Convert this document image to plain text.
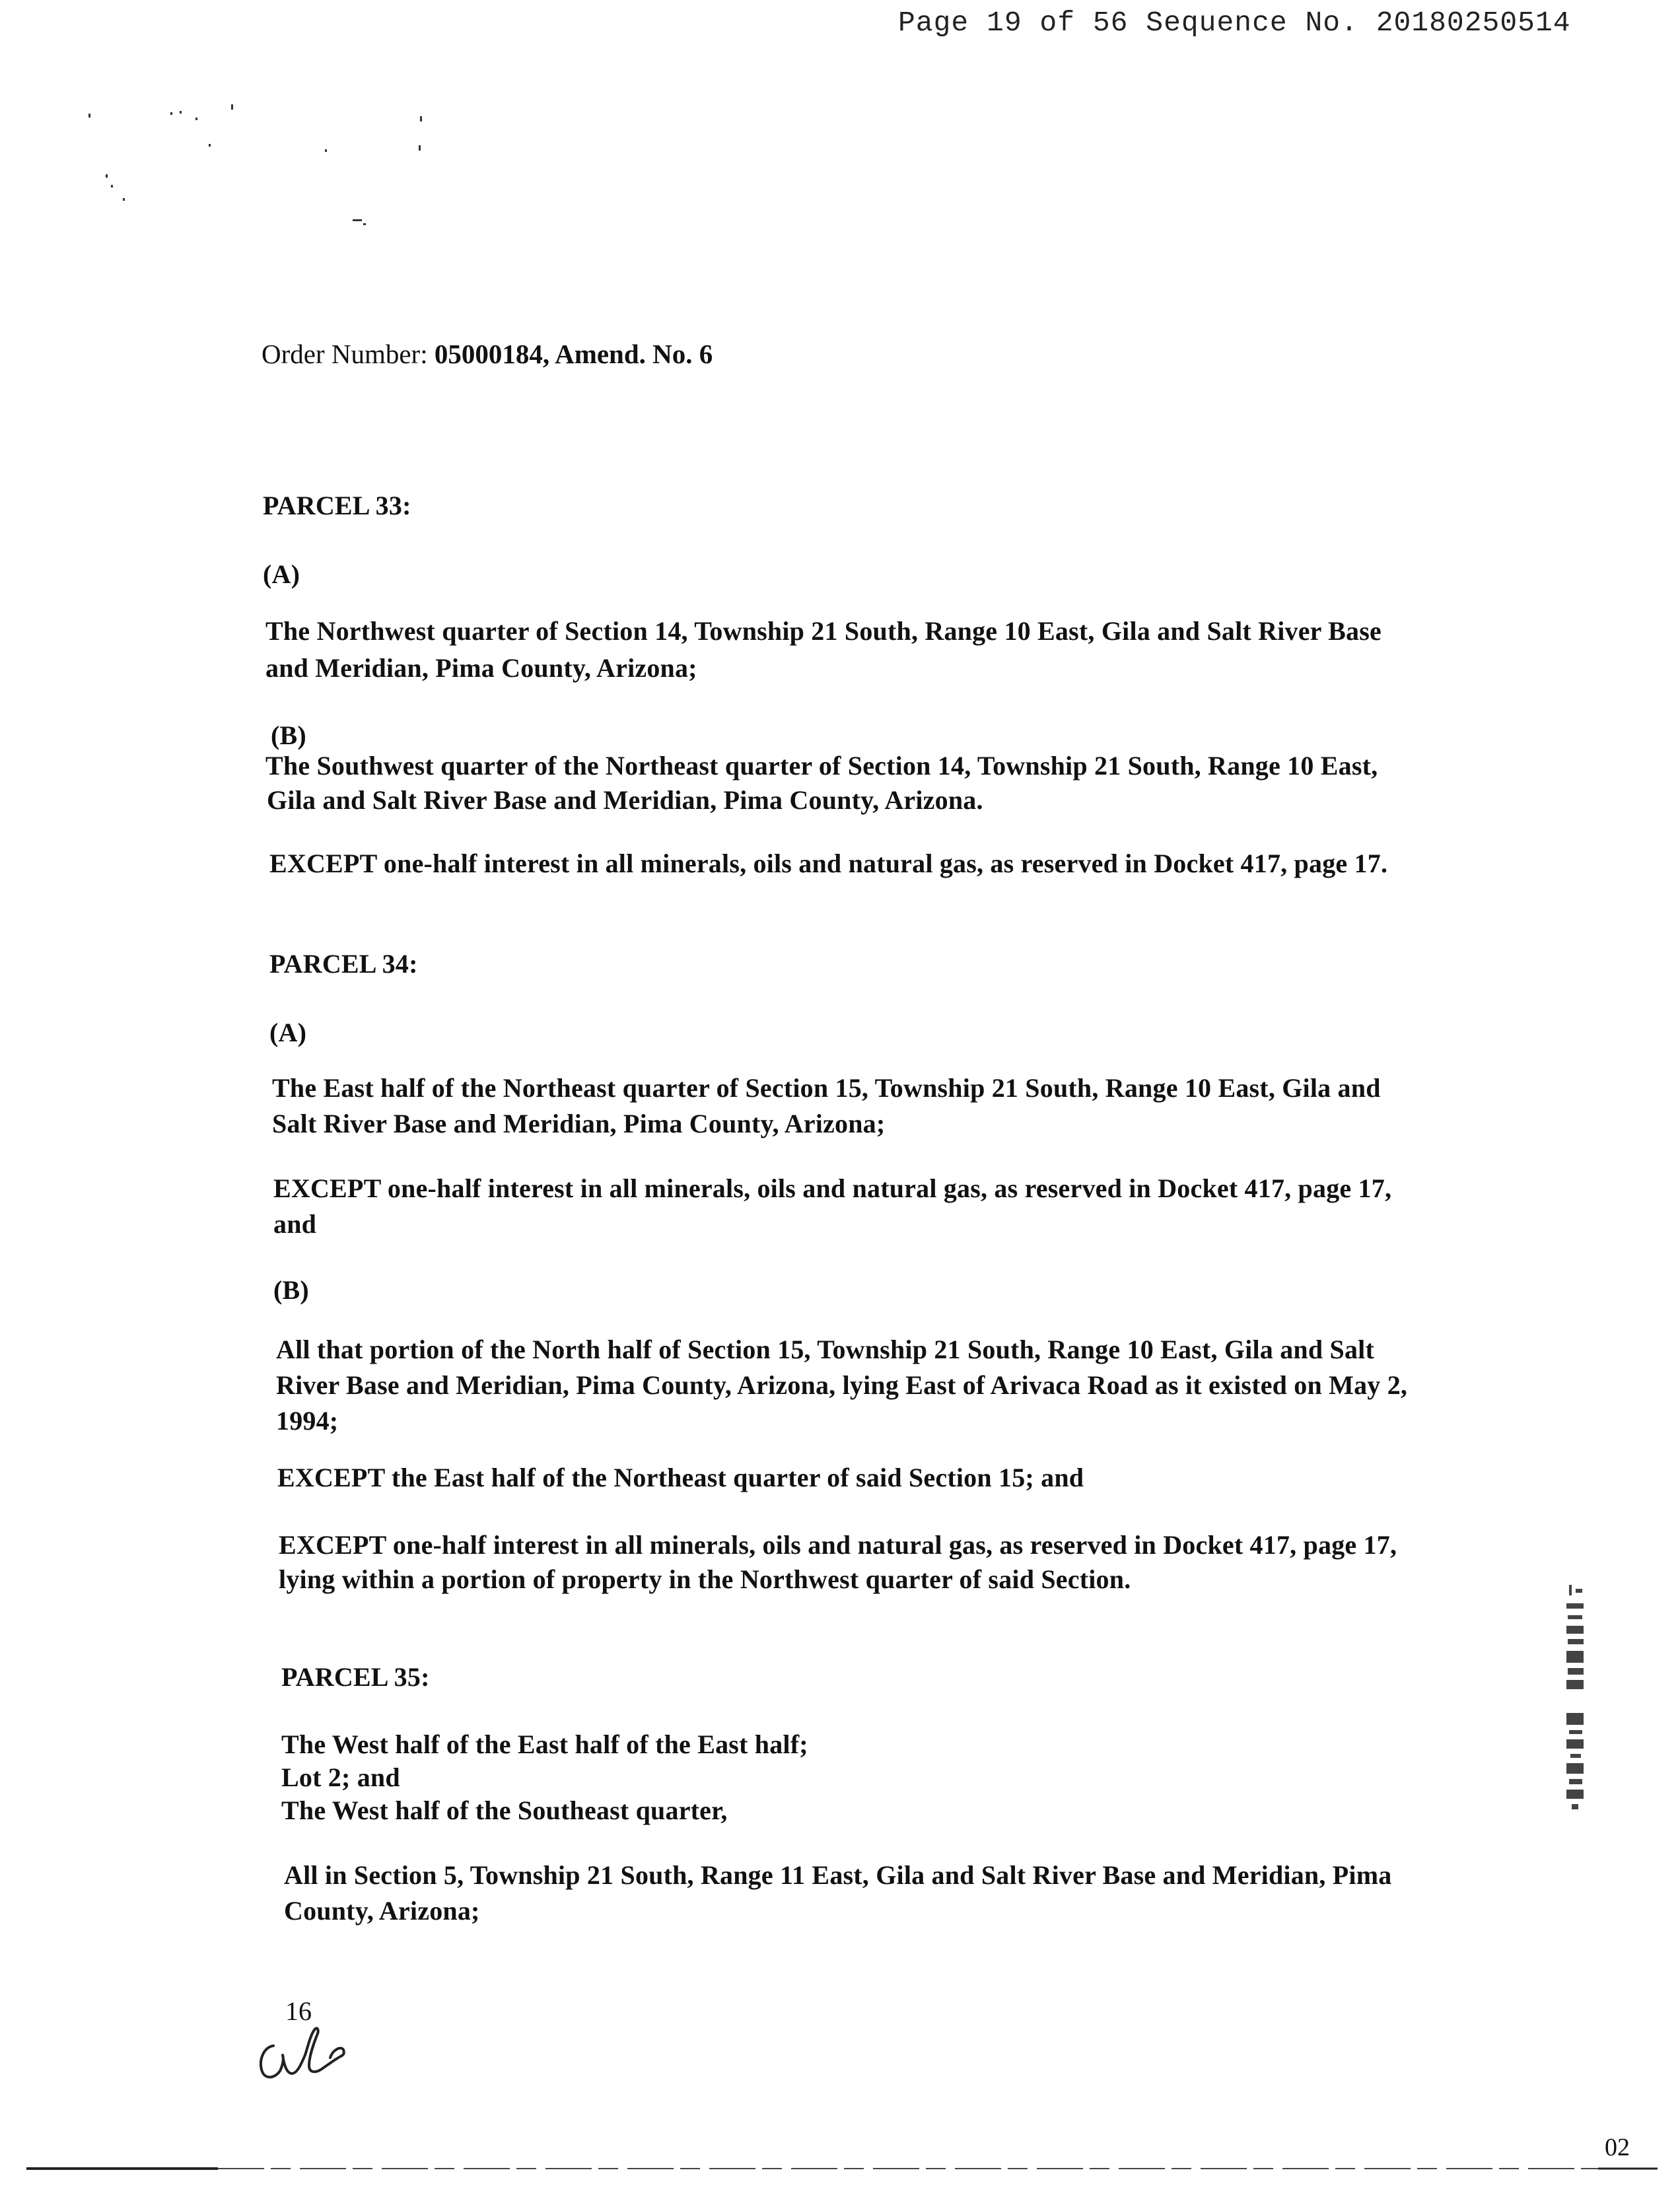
Page 19 of 56 Sequence No. 20180250514
Order Number: 05000184, Amend. No. 6
PARCEL 33:
(A)
The Northwest quarter of Section 14, Township 21 South, Range 10 East, Gila and Salt River Base
and Meridian, Pima County, Arizona;
(B)
The Southwest quarter of the Northeast quarter of Section 14, Township 21 South, Range 10 East,
Gila and Salt River Base and Meridian, Pima County, Arizona.
EXCEPT one-half interest in all minerals, oils and natural gas, as reserved in Docket 417, page 17.
PARCEL 34:
(A)
The East half of the Northeast quarter of Section 15, Township 21 South, Range 10 East, Gila and
Salt River Base and Meridian, Pima County, Arizona;
EXCEPT one-half interest in all minerals, oils and natural gas, as reserved in Docket 417, page 17,
and
(B)
All that portion of the North half of Section 15, Township 21 South, Range 10 East, Gila and Salt
River Base and Meridian, Pima County, Arizona, lying East of Arivaca Road as it existed on May 2,
1994;
EXCEPT the East half of the Northeast quarter of said Section 15; and
EXCEPT one-half interest in all minerals, oils and natural gas, as reserved in Docket 417, page 17,
lying within a portion of property in the Northwest quarter of said Section.
PARCEL 35:
The West half of the East half of the East half;
Lot 2; and
The West half of the Southeast quarter,
All in Section 5, Township 21 South, Range 11 East, Gila and Salt River Base and Meridian, Pima
County, Arizona;
16
02
